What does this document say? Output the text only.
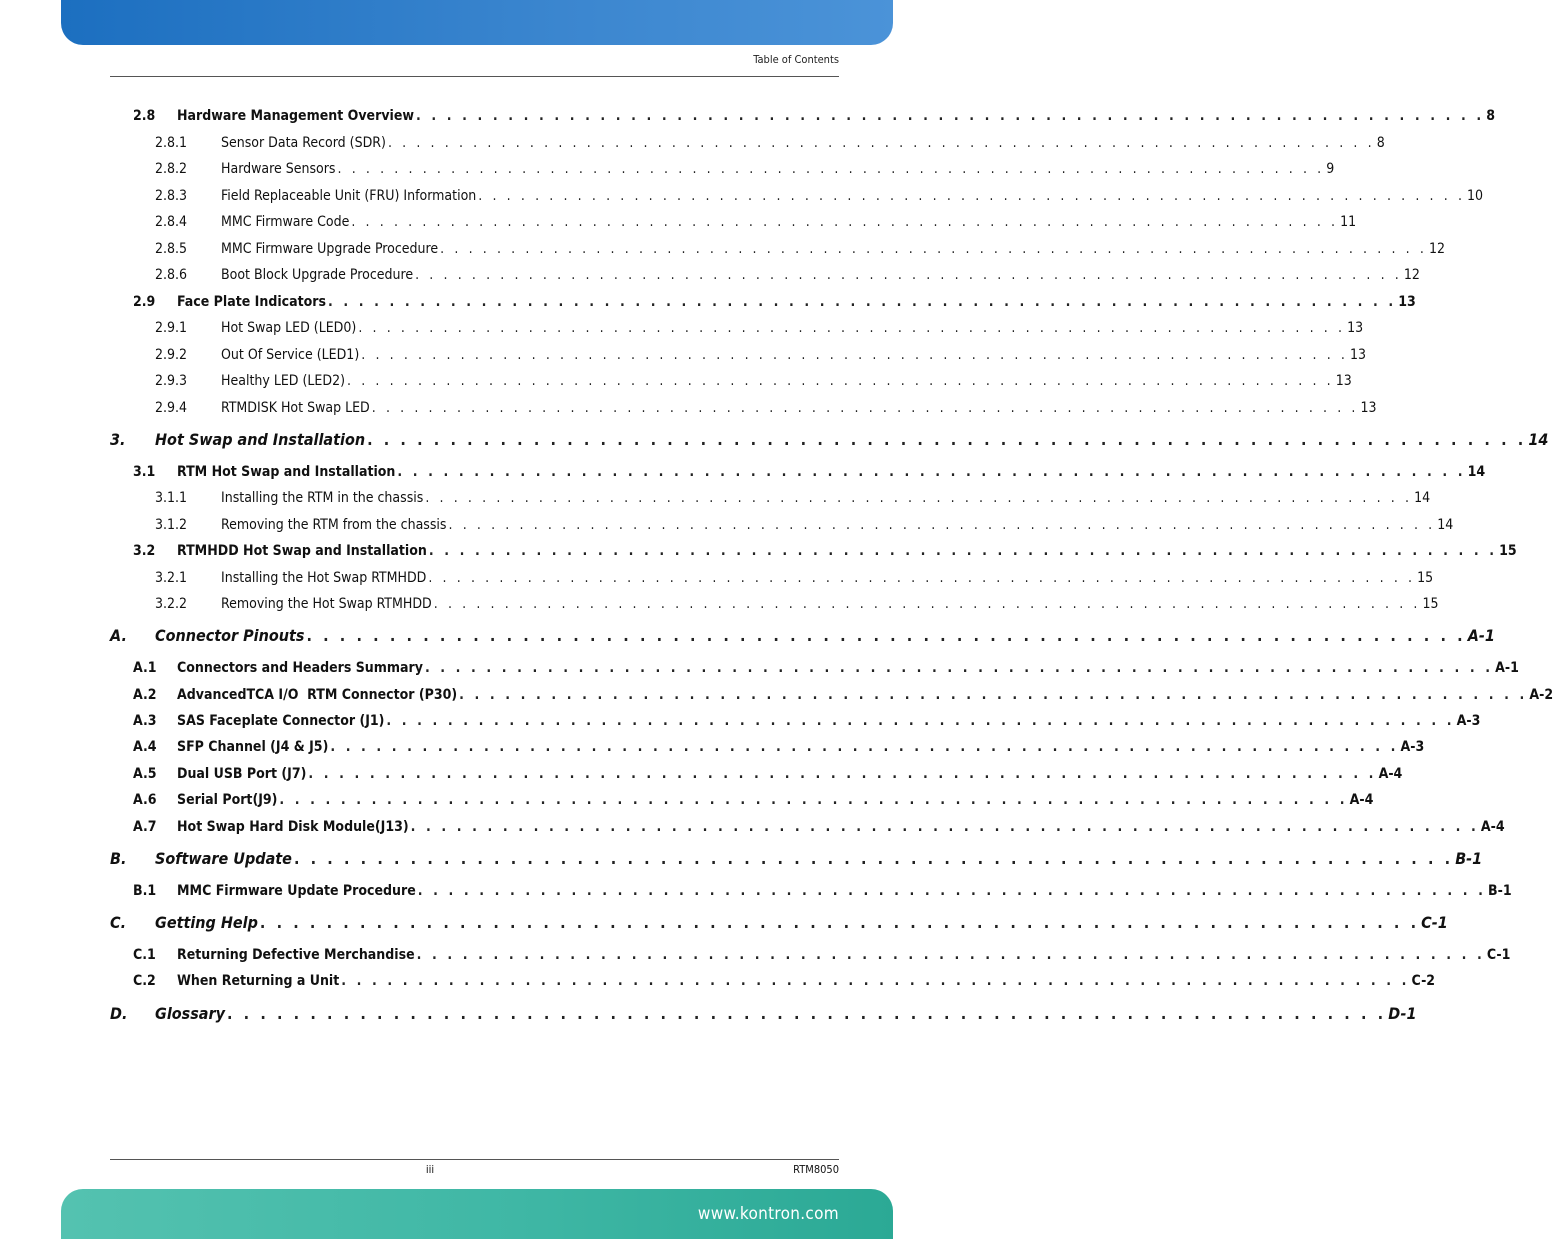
Table of Contents
2.8 Hardware Management Overview . . . . . . . . . . . . . . . . . . . . . . . . . . . . . . . . . . . . . . . . . . . . . . . . . . . . . . . . . . . . . . . . . . . . . . 8
2.8.1 Sensor Data Record (SDR) . . . . . . . . . . . . . . . . . . . . . . . . . . . . . . . . . . . . . . . . . . . . . . . . . . . . . . . . . . . . . . . . . . . . . . 8
2.8.2 Hardware Sensors . . . . . . . . . . . . . . . . . . . . . . . . . . . . . . . . . . . . . . . . . . . . . . . . . . . . . . . . . . . . . . . . . . . . . . 9
2.8.3 Field Replaceable Unit (FRU) Information . . . . . . . . . . . . . . . . . . . . . . . . . . . . . . . . . . . . . . . . . . . . . . . . . . . . . . . . . . . . . . . . . . . . . . 10
2.8.4 MMC Firmware Code . . . . . . . . . . . . . . . . . . . . . . . . . . . . . . . . . . . . . . . . . . . . . . . . . . . . . . . . . . . . . . . . . . . . . . 11
2.8.5 MMC Firmware Upgrade Procedure . . . . . . . . . . . . . . . . . . . . . . . . . . . . . . . . . . . . . . . . . . . . . . . . . . . . . . . . . . . . . . . . . . . . . . 12
2.8.6 Boot Block Upgrade Procedure . . . . . . . . . . . . . . . . . . . . . . . . . . . . . . . . . . . . . . . . . . . . . . . . . . . . . . . . . . . . . . . . . . . . . . 12
2.9 Face Plate Indicators . . . . . . . . . . . . . . . . . . . . . . . . . . . . . . . . . . . . . . . . . . . . . . . . . . . . . . . . . . . . . . . . . . . . . . 13
2.9.1 Hot Swap LED (LED0) . . . . . . . . . . . . . . . . . . . . . . . . . . . . . . . . . . . . . . . . . . . . . . . . . . . . . . . . . . . . . . . . . . . . . . 13
2.9.2 Out Of Service (LED1) . . . . . . . . . . . . . . . . . . . . . . . . . . . . . . . . . . . . . . . . . . . . . . . . . . . . . . . . . . . . . . . . . . . . . . 13
2.9.3 Healthy LED (LED2) . . . . . . . . . . . . . . . . . . . . . . . . . . . . . . . . . . . . . . . . . . . . . . . . . . . . . . . . . . . . . . . . . . . . . . 13
2.9.4 RTMDISK Hot Swap LED . . . . . . . . . . . . . . . . . . . . . . . . . . . . . . . . . . . . . . . . . . . . . . . . . . . . . . . . . . . . . . . . . . . . . . 13
3. Hot Swap and Installation . . . . . . . . . . . . . . . . . . . . . . . . . . . . . . . . . . . . . . . . . . . . . . . . . . . . . . . . . . . . . . . . . . . . . . 14
3.1 RTM Hot Swap and Installation . . . . . . . . . . . . . . . . . . . . . . . . . . . . . . . . . . . . . . . . . . . . . . . . . . . . . . . . . . . . . . . . . . . . . . 14
3.1.1 Installing the RTM in the chassis . . . . . . . . . . . . . . . . . . . . . . . . . . . . . . . . . . . . . . . . . . . . . . . . . . . . . . . . . . . . . . . . . . . . . . 14
3.1.2 Removing the RTM from the chassis . . . . . . . . . . . . . . . . . . . . . . . . . . . . . . . . . . . . . . . . . . . . . . . . . . . . . . . . . . . . . . . . . . . . . . 14
3.2 RTMHDD Hot Swap and Installation . . . . . . . . . . . . . . . . . . . . . . . . . . . . . . . . . . . . . . . . . . . . . . . . . . . . . . . . . . . . . . . . . . . . . . 15
3.2.1 Installing the Hot Swap RTMHDD . . . . . . . . . . . . . . . . . . . . . . . . . . . . . . . . . . . . . . . . . . . . . . . . . . . . . . . . . . . . . . . . . . . . . . 15
3.2.2 Removing the Hot Swap RTMHDD . . . . . . . . . . . . . . . . . . . . . . . . . . . . . . . . . . . . . . . . . . . . . . . . . . . . . . . . . . . . . . . . . . . . . . 15
A. Connector Pinouts . . . . . . . . . . . . . . . . . . . . . . . . . . . . . . . . . . . . . . . . . . . . . . . . . . . . . . . . . . . . . . . . . . . . . . A-1
A.1 Connectors and Headers Summary . . . . . . . . . . . . . . . . . . . . . . . . . . . . . . . . . . . . . . . . . . . . . . . . . . . . . . . . . . . . . . . . . . . . . . A-1
A.2 AdvancedTCA I/O  RTM Connector (P30) . . . . . . . . . . . . . . . . . . . . . . . . . . . . . . . . . . . . . . . . . . . . . . . . . . . . . . . . . . . . . . . . . . . . . . A-2
A.3 SAS Faceplate Connector (J1) . . . . . . . . . . . . . . . . . . . . . . . . . . . . . . . . . . . . . . . . . . . . . . . . . . . . . . . . . . . . . . . . . . . . . . A-3
A.4 SFP Channel (J4 & J5) . . . . . . . . . . . . . . . . . . . . . . . . . . . . . . . . . . . . . . . . . . . . . . . . . . . . . . . . . . . . . . . . . . . . . . A-3
A.5 Dual USB Port (J7) . . . . . . . . . . . . . . . . . . . . . . . . . . . . . . . . . . . . . . . . . . . . . . . . . . . . . . . . . . . . . . . . . . . . . . A-4
A.6 Serial Port(J9) . . . . . . . . . . . . . . . . . . . . . . . . . . . . . . . . . . . . . . . . . . . . . . . . . . . . . . . . . . . . . . . . . . . . . . A-4
A.7 Hot Swap Hard Disk Module(J13) . . . . . . . . . . . . . . . . . . . . . . . . . . . . . . . . . . . . . . . . . . . . . . . . . . . . . . . . . . . . . . . . . . . . . . A-4
B. Software Update . . . . . . . . . . . . . . . . . . . . . . . . . . . . . . . . . . . . . . . . . . . . . . . . . . . . . . . . . . . . . . . . . . . . . . B-1
B.1 MMC Firmware Update Procedure . . . . . . . . . . . . . . . . . . . . . . . . . . . . . . . . . . . . . . . . . . . . . . . . . . . . . . . . . . . . . . . . . . . . . . B-1
C. Getting Help . . . . . . . . . . . . . . . . . . . . . . . . . . . . . . . . . . . . . . . . . . . . . . . . . . . . . . . . . . . . . . . . . . . . . . C-1
C.1 Returning Defective Merchandise . . . . . . . . . . . . . . . . . . . . . . . . . . . . . . . . . . . . . . . . . . . . . . . . . . . . . . . . . . . . . . . . . . . . . . C-1
C.2 When Returning a Unit . . . . . . . . . . . . . . . . . . . . . . . . . . . . . . . . . . . . . . . . . . . . . . . . . . . . . . . . . . . . . . . . . . . . . . C-2
D. Glossary . . . . . . . . . . . . . . . . . . . . . . . . . . . . . . . . . . . . . . . . . . . . . . . . . . . . . . . . . . . . . . . . . . . . . . D-1
iii	RTM8050
www.kontron.com
